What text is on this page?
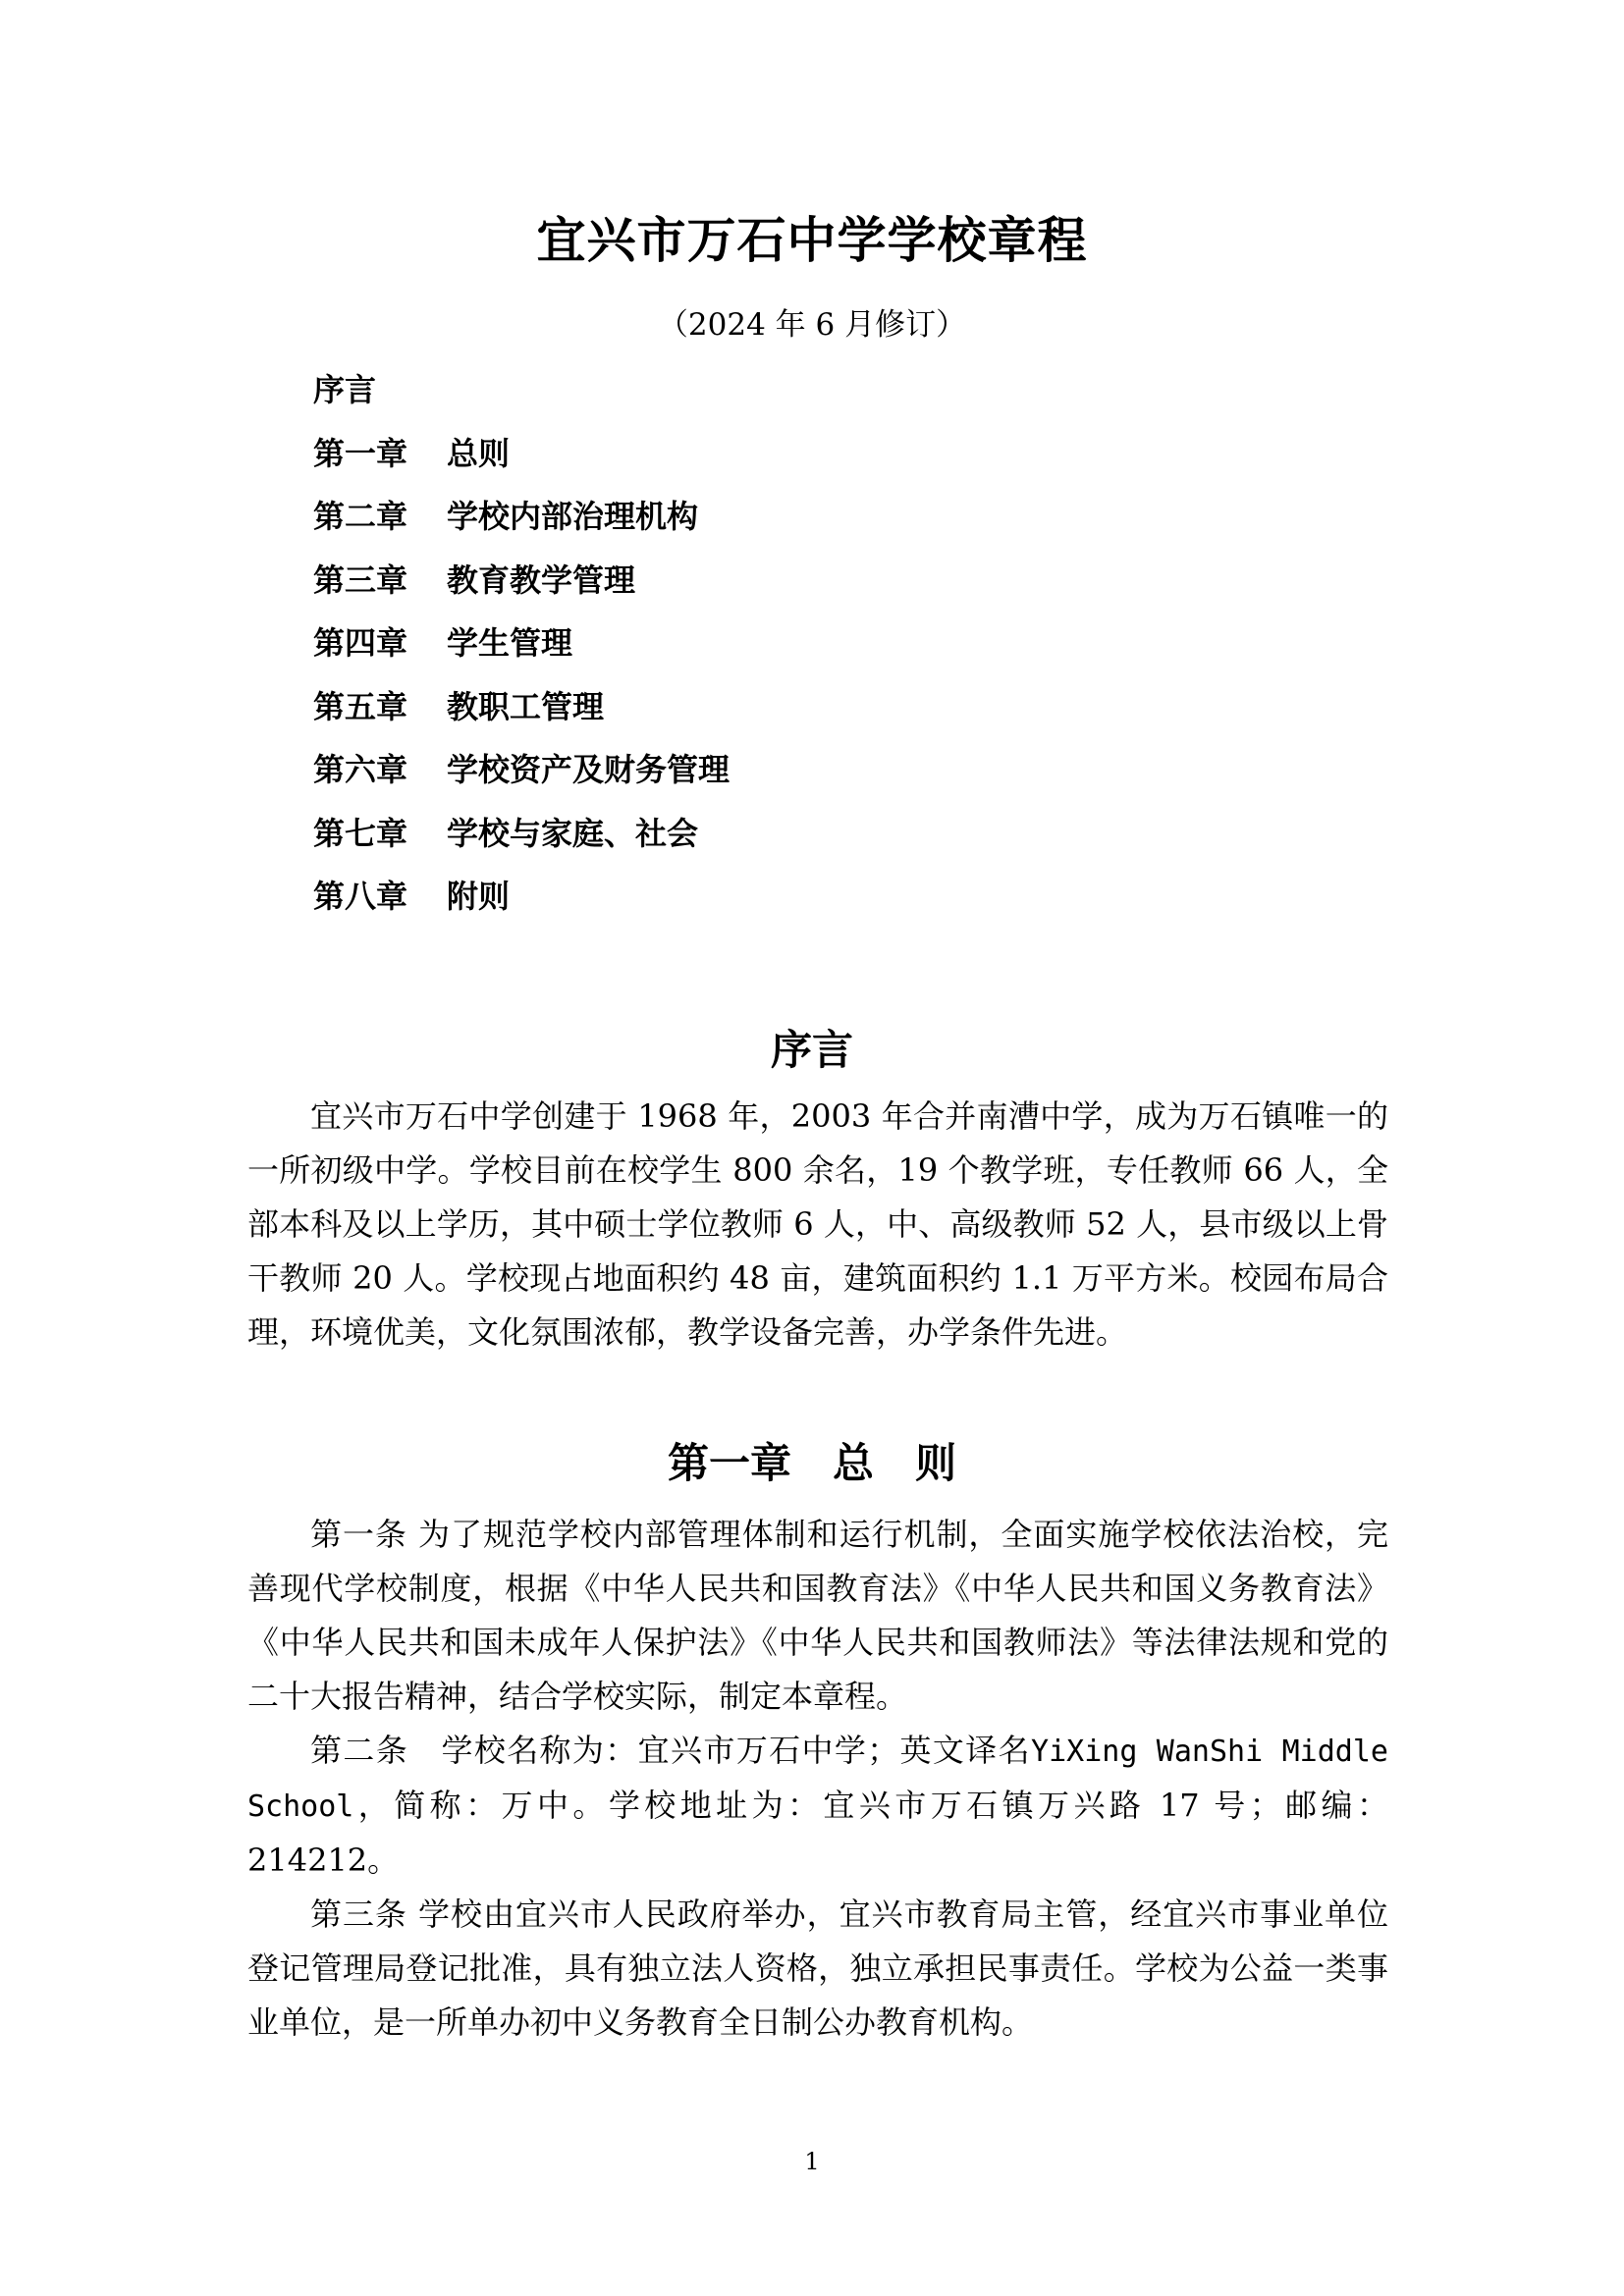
宜兴市万石中学学校章程
（2024 年 6 月修订）
序言
第一章 总则
第二章 学校内部治理机构
第三章 教育教学管理
第四章 学生管理
第五章 教职工管理
第六章 学校资产及财务管理
第七章 学校与家庭、社会
第八章 附则
序言

宜兴市万石中学创建于 1968 年，2003 年合并南漕中学，成为万石镇唯一的一所初级中学。学校目前在校学生 800 余名，19 个教学班，专任教师 66 人，全部本科及以上学历，其中硕士学位教师 6 人，中、高级教师 52 人，县市级以上骨干教师 20 人。学校现占地面积约 48 亩，建筑面积约 1.1 万平方米。校园布局合理，环境优美，文化氛围浓郁，教学设备完善，办学条件先进。

第一章　总　则

第一条 为了规范学校内部管理体制和运行机制，全面实施学校依法治校，完善现代学校制度，根据《中华人民共和国教育法》《中华人民共和国义务教育法》《中华人民共和国未成年人保护法》《中华人民共和国教师法》等法律法规和党的二十大报告精神，结合学校实际，制定本章程。

第二条　 学校名称为：宜兴市万石中学；英文译名YiXing WanShi Middle School，简称：万中。学校地址为：宜兴市万石镇万兴路 17 号；邮编：214212。

第三条 学校由宜兴市人民政府举办，宜兴市教育局主管，经宜兴市事业单位登记管理局登记批准，具有独立法人资格，独立承担民事责任。学校为公益一类事业单位，是一所单办初中义务教育全日制公办教育机构。

1
